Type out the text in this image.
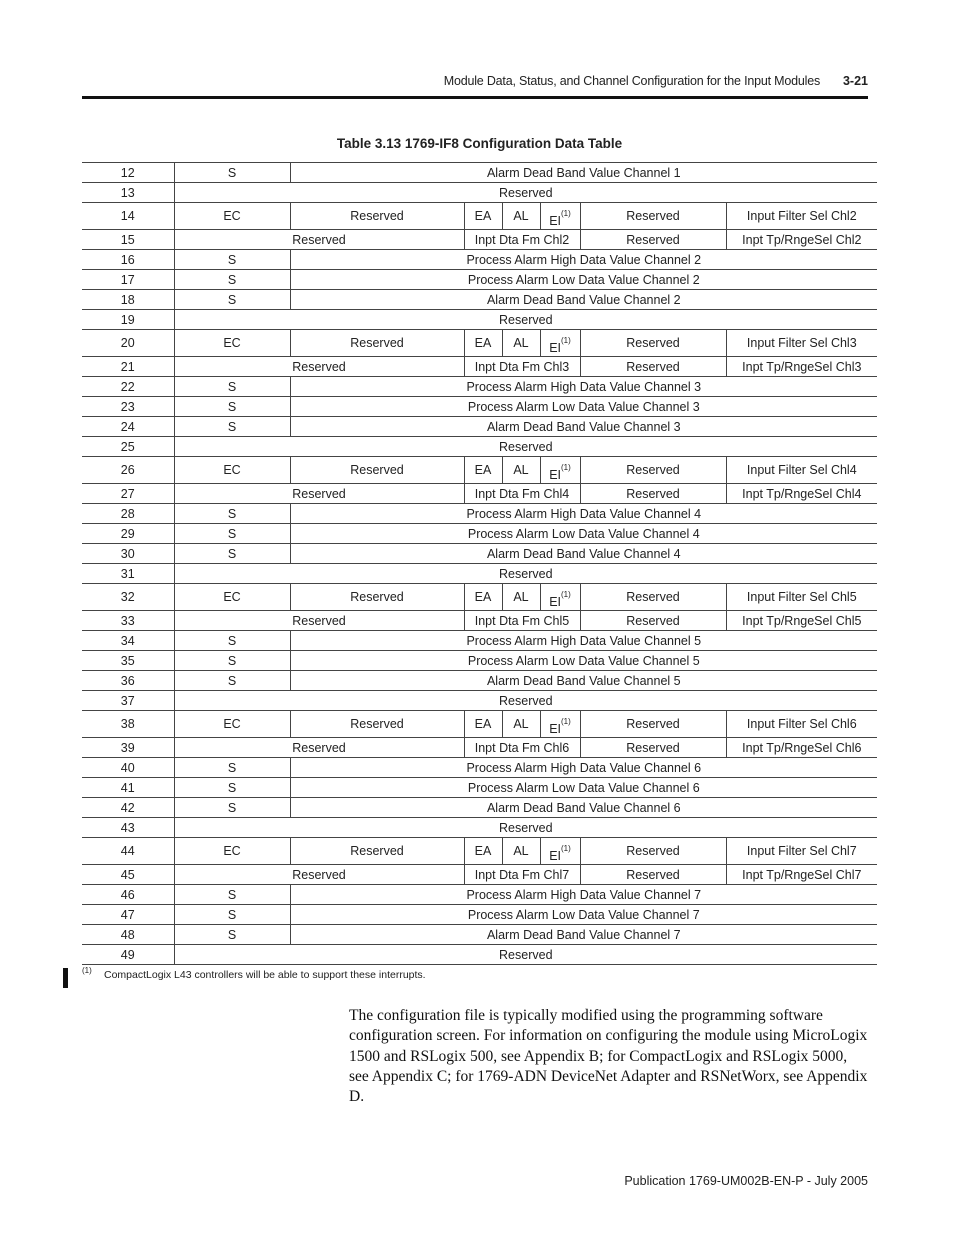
Module Data, Status, and Channel Configuration for the Input Modules 3-21
Table 3.13 1769-IF8 Configuration Data Table
12	S	Alarm Dead Band Value Channel 1					
13	Reserved						
14	EC	Reserved	EA	AL	EI$^{(1)}$	Reserved	Input Filter Sel Chl2
15	Reserved		Inpt Dta Fm Chl2			Reserved	Inpt Tp/RngeSel Chl2
16	S	Process Alarm High Data Value Channel 2					
17	S	Process Alarm Low Data Value Channel 2					
18	S	Alarm Dead Band Value Channel 2					
19	Reserved						
20	EC	Reserved	EA	AL	EI$^{(1)}$	Reserved	Input Filter Sel Chl3
21	Reserved		Inpt Dta Fm Chl3			Reserved	Inpt Tp/RngeSel Chl3
22	S	Process Alarm High Data Value Channel 3					
23	S	Process Alarm Low Data Value Channel 3					
24	S	Alarm Dead Band Value Channel 3					
25	Reserved						
26	EC	Reserved	EA	AL	EI$^{(1)}$	Reserved	Input Filter Sel Chl4
27	Reserved		Inpt Dta Fm Chl4			Reserved	Inpt Tp/RngeSel Chl4
28	S	Process Alarm High Data Value Channel 4					
29	S	Process Alarm Low Data Value Channel 4					
30	S	Alarm Dead Band Value Channel 4					
31	Reserved						
32	EC	Reserved	EA	AL	EI$^{(1)}$	Reserved	Input Filter Sel Chl5
33	Reserved		Inpt Dta Fm Chl5			Reserved	Inpt Tp/RngeSel Chl5
34	S	Process Alarm High Data Value Channel 5					
35	S	Process Alarm Low Data Value Channel 5					
36	S	Alarm Dead Band Value Channel 5					
37	Reserved						
38	EC	Reserved	EA	AL	EI$^{(1)}$	Reserved	Input Filter Sel Chl6
39	Reserved		Inpt Dta Fm Chl6			Reserved	Inpt Tp/RngeSel Chl6
40	S	Process Alarm High Data Value Channel 6					
41	S	Process Alarm Low Data Value Channel 6					
42	S	Alarm Dead Band Value Channel 6					
43	Reserved						
44	EC	Reserved	EA	AL	EI$^{(1)}$	Reserved	Input Filter Sel Chl7
45	Reserved		Inpt Dta Fm Chl7			Reserved	Inpt Tp/RngeSel Chl7
46	S	Process Alarm High Data Value Channel 7					
47	S	Process Alarm Low Data Value Channel 7					
48	S	Alarm Dead Band Value Channel 7					
49	Reserved						
(1) CompactLogix L43 controllers will be able to support these interrupts.
The configuration file is typically modified using the programming software configuration screen. For information on configuring the module using MicroLogix 1500 and RSLogix 500, see Appendix B; for CompactLogix and RSLogix 5000, see Appendix C; for 1769-ADN DeviceNet Adapter and RSNetWorx, see Appendix D.
Publication 1769-UM002B-EN-P - July 2005
